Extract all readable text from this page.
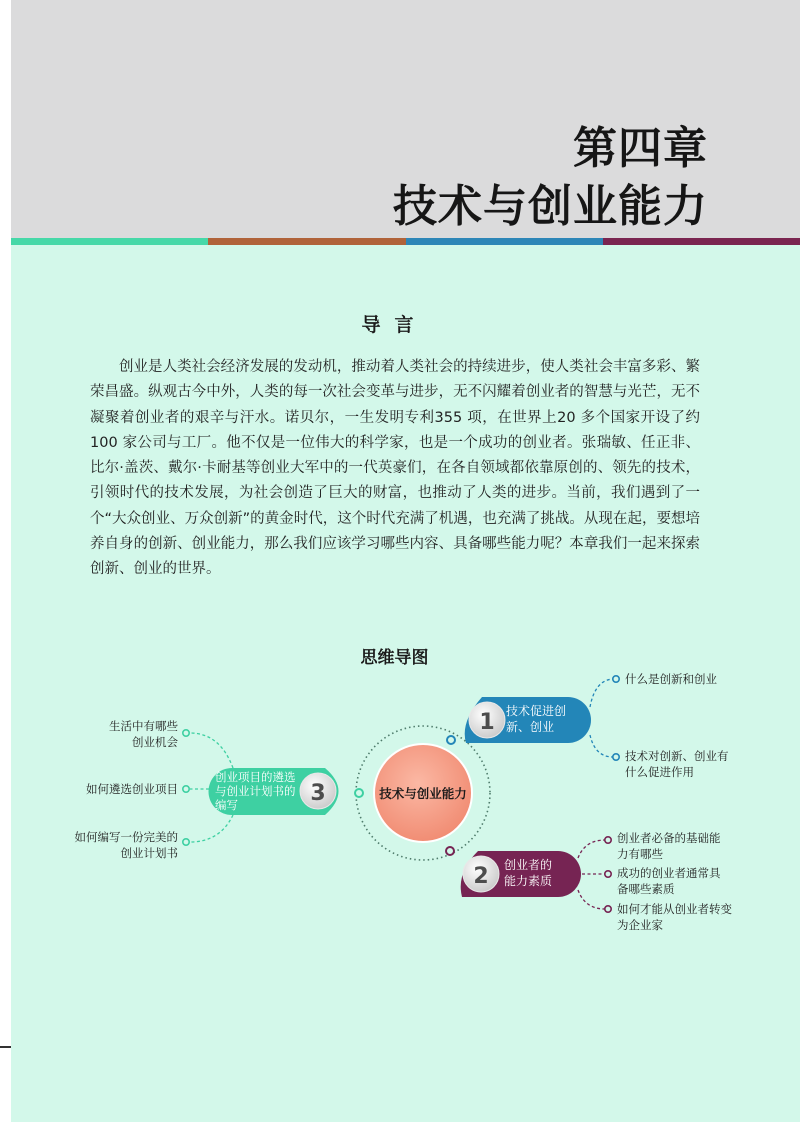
第四章
技术与创业能力
导言
创业是人类社会经济发展的发动机，推动着人类社会的持续进步，使人类社会丰富多彩、繁荣昌盛。纵观古今中外，人类的每一次社会变革与进步，无不闪耀着创业者的智慧与光芒，无不凝聚着创业者的艰辛与汗水。诺贝尔，一生发明专利355 项，在世界上20 多个国家开设了约100 家公司与工厂。他不仅是一位伟大的科学家，也是一个成功的创业者。张瑞敏、任正非、比尔·盖茨、戴尔·卡耐基等创业大军中的一代英豪们，在各自领域都依靠原创的、领先的技术，引领时代的技术发展，为社会创造了巨大的财富，也推动了人类的进步。当前，我们遇到了一个“大众创业、万众创新”的黄金时代，这个时代充满了机遇，也充满了挑战。从现在起，要想培养自身的创新、创业能力，那么我们应该学习哪些内容、具备哪些能力呢？本章我们一起来探索创新、创业的世界。
思维导图
技术与创业能力
1 技术促进创
新、创业
2 创业者的
能力素质
3
创业项目的遴选
与创业计划书的
编写
什么是创新和创业
技术对创新、创业有
什么促进作用
创业者必备的基础能
力有哪些
成功的创业者通常具
备哪些素质
如何才能从创业者转变
为企业家
生活中有哪些
创业机会
如何遴选创业项目
如何编写一份完美的
创业计划书
